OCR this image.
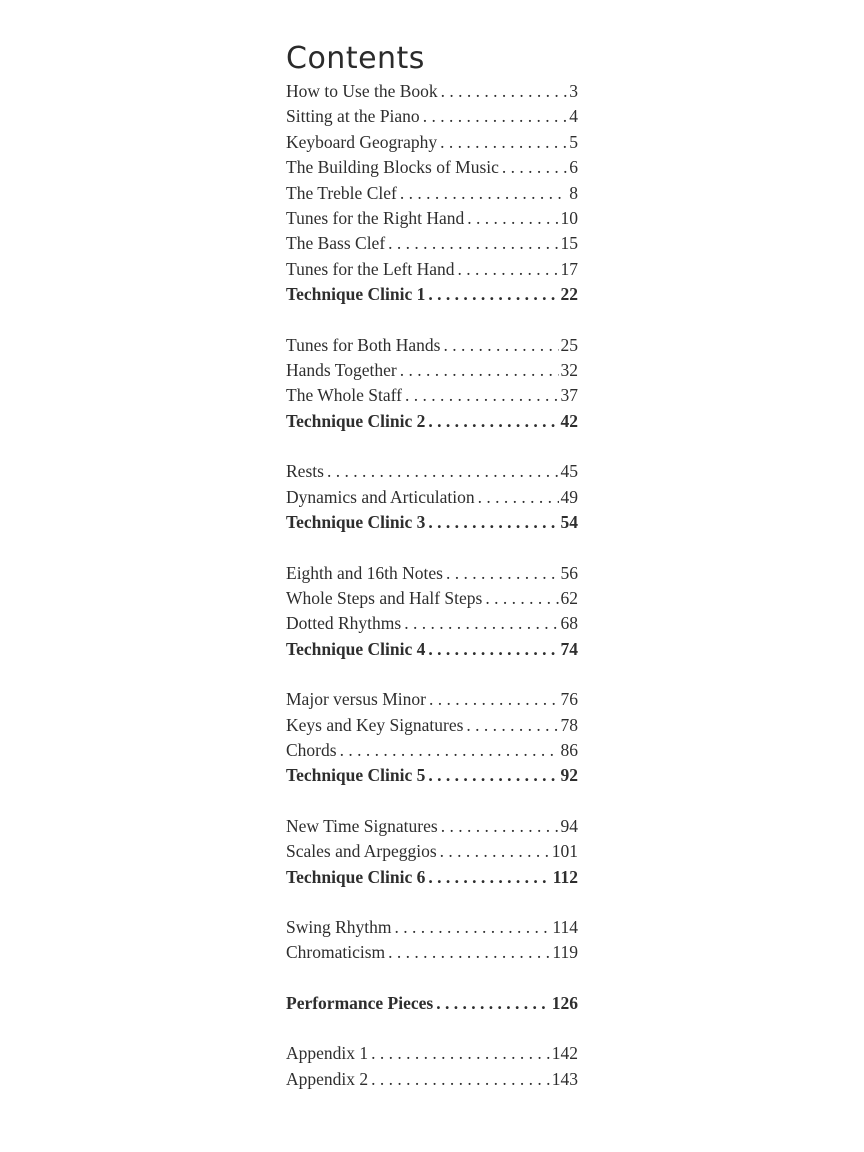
Contents
How to Use the Book . . .	3
Sitting at the Piano . . .	4
Keyboard Geography . . .	5
The Building Blocks of Music . . .	6
The Treble Clef . . .	8
Tunes for the Right Hand . . .	10
The Bass Clef . . .	15
Tunes for the Left Hand . . .	17
Technique Clinic 1 . . .	22
Tunes for Both Hands . . .	25
Hands Together . . .	32
The Whole Staff . . .	37
Technique Clinic 2 . . .	42
Rests . . .	45
Dynamics and Articulation . . .	49
Technique Clinic 3 . . .	54
Eighth and 16th Notes . . .	56
Whole Steps and Half Steps . . .	62
Dotted Rhythms . . .	68
Technique Clinic 4 . . .	74
Major versus Minor . . .	76
Keys and Key Signatures . . .	78
Chords . . .	86
Technique Clinic 5 . . .	92
New Time Signatures . . .	94
Scales and Arpeggios . . .	101
Technique Clinic 6 . . .	112
Swing Rhythm . . .	114
Chromaticism . . .	119
Performance Pieces . . .	126
Appendix 1 . . .	142
Appendix 2 . . .	143
